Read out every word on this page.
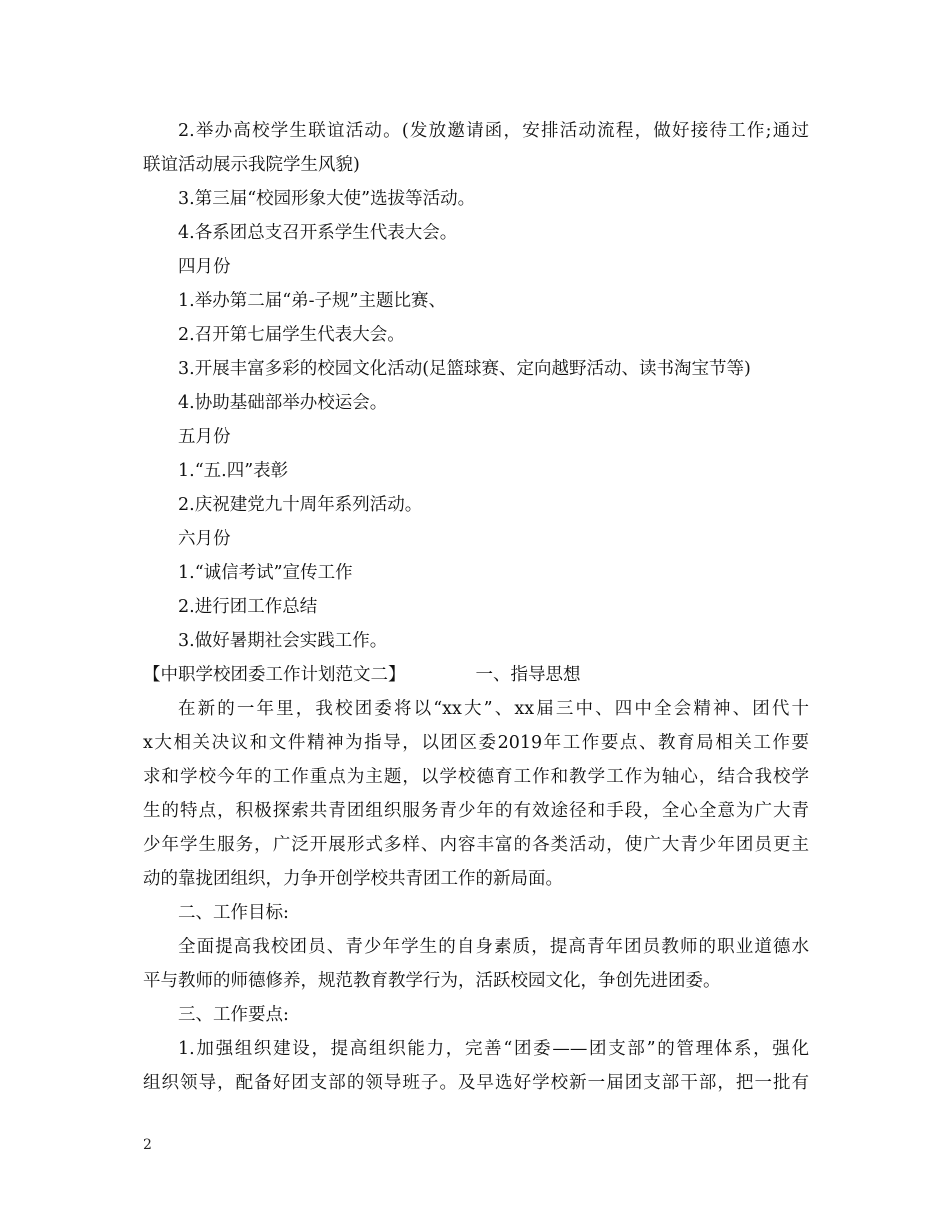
2.举办高校学生联谊活动。(发放邀请函，安排活动流程，做好接待工作;通过
联谊活动展示我院学生风貌)
3.第三届“校园形象大使”选拔等活动。
4.各系团总支召开系学生代表大会。
四月份
1.举办第二届“弟-子规”主题比赛、
2.召开第七届学生代表大会。
3.开展丰富多彩的校园文化活动(足篮球赛、定向越野活动、读书淘宝节等)
4.协助基础部举办校运会。
五月份
1.“五.四”表彰
2.庆祝建党九十周年系列活动。
六月份
1.“诚信考试”宣传工作
2.进行团工作总结
3.做好暑期社会实践工作。
【中职学校团委工作计划范文二】	一、指导思想
在新的一年里，我校团委将以“xx大”、xx届三中、四中全会精神、团代十
x大相关决议和文件精神为指导，以团区委2019年工作要点、教育局相关工作要
求和学校今年的工作重点为主题，以学校德育工作和教学工作为轴心，结合我校学
生的特点，积极探索共青团组织服务青少年的有效途径和手段，全心全意为广大青
少年学生服务，广泛开展形式多样、内容丰富的各类活动，使广大青少年团员更主
动的靠拢团组织，力争开创学校共青团工作的新局面。
二、工作目标:
全面提高我校团员、青少年学生的自身素质，提高青年团员教师的职业道德水
平与教师的师德修养，规范教育教学行为，活跃校园文化，争创先进团委。
三、工作要点:
1.加强组织建设，提高组织能力，完善“团委——团支部”的管理体系，强化
组织领导，配备好团支部的领导班子。及早选好学校新一届团支部干部，把一批有
2
